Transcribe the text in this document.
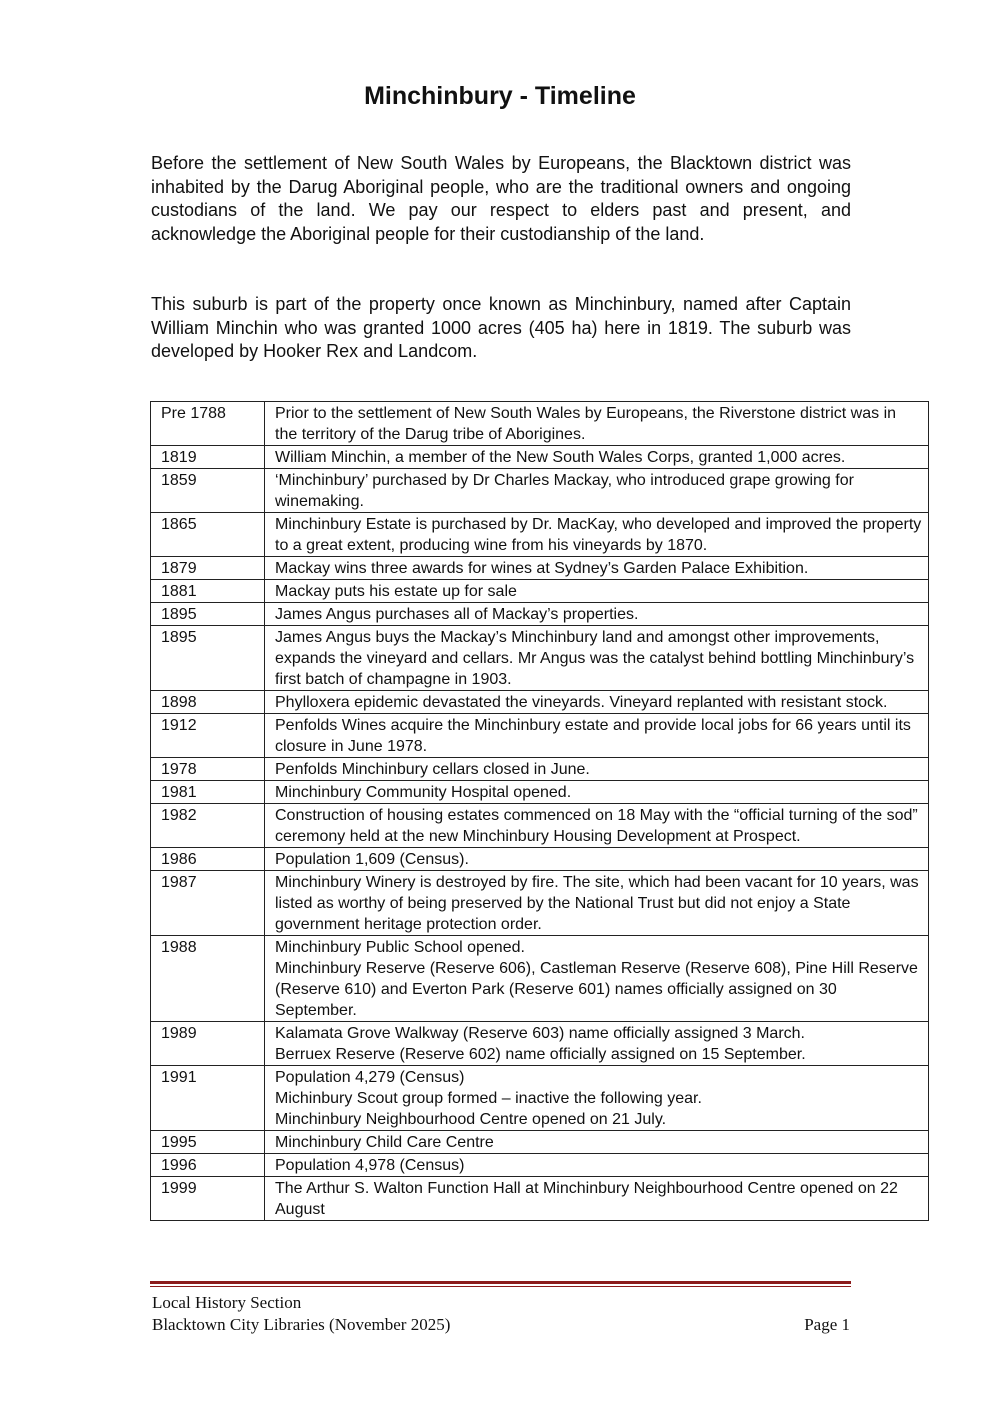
Minchinbury - Timeline

Before the settlement of New South Wales by Europeans, the Blacktown district was inhabited by the Darug Aboriginal people, who are the traditional owners and ongoing custodians of the land. We pay our respect to elders past and present, and acknowledge the Aboriginal people for their custodianship of the land.

This suburb is part of the property once known as Minchinbury, named after Captain William Minchin who was granted 1000 acres (405 ha) here in 1819. The suburb was developed by Hooker Rex and Landcom.

Pre 1788	Prior to the settlement of New South Wales by Europeans, the Riverstone district was in the territory of the Darug tribe of Aborigines.

1819	William Minchin, a member of the New South Wales Corps, granted 1,000 acres.

1859	‘Minchinbury’ purchased by Dr Charles Mackay, who introduced grape growing for winemaking.

1865	Minchinbury Estate is purchased by Dr. MacKay, who developed and improved the property to a great extent, producing wine from his vineyards by 1870.

1879	Mackay wins three awards for wines at Sydney’s Garden Palace Exhibition.

1881	Mackay puts his estate up for sale

1895	James Angus purchases all of Mackay’s properties.

1895	James Angus buys the Mackay’s Minchinbury land and amongst other improvements, expands the vineyard and cellars. Mr Angus was the catalyst behind bottling Minchinbury’s first batch of champagne in 1903.

1898	Phylloxera epidemic devastated the vineyards. Vineyard replanted with resistant stock.

1912	Penfolds Wines acquire the Minchinbury estate and provide local jobs for 66 years until its closure in June 1978.

1978	Penfolds Minchinbury cellars closed in June.

1981	Minchinbury Community Hospital opened.

1982	Construction of housing estates commenced on 18 May with the “official turning of the sod” ceremony held at the new Minchinbury Housing Development at Prospect.

1986	Population 1,609 (Census).

1987	Minchinbury Winery is destroyed by fire. The site, which had been vacant for 10 years, was listed as worthy of being preserved by the National Trust but did not enjoy a State government heritage protection order.

1988	Minchinbury Public School opened.
Minchinbury Reserve (Reserve 606), Castleman Reserve (Reserve 608), Pine Hill Reserve (Reserve 610) and Everton Park (Reserve 601) names officially assigned on 30 September.

1989	Kalamata Grove Walkway (Reserve 603) name officially assigned 3 March.
Berruex Reserve (Reserve 602) name officially assigned on 15 September.

1991	Population 4,279 (Census)
Michinbury Scout group formed – inactive the following year.
Minchinbury Neighbourhood Centre opened on 21 July.

1995	Minchinbury Child Care Centre

1996	Population 4,978 (Census)

1999	The Arthur S. Walton Function Hall at Minchinbury Neighbourhood Centre opened on 22 August
Local History Section
Blacktown City Libraries (November 2025)	Page 1
